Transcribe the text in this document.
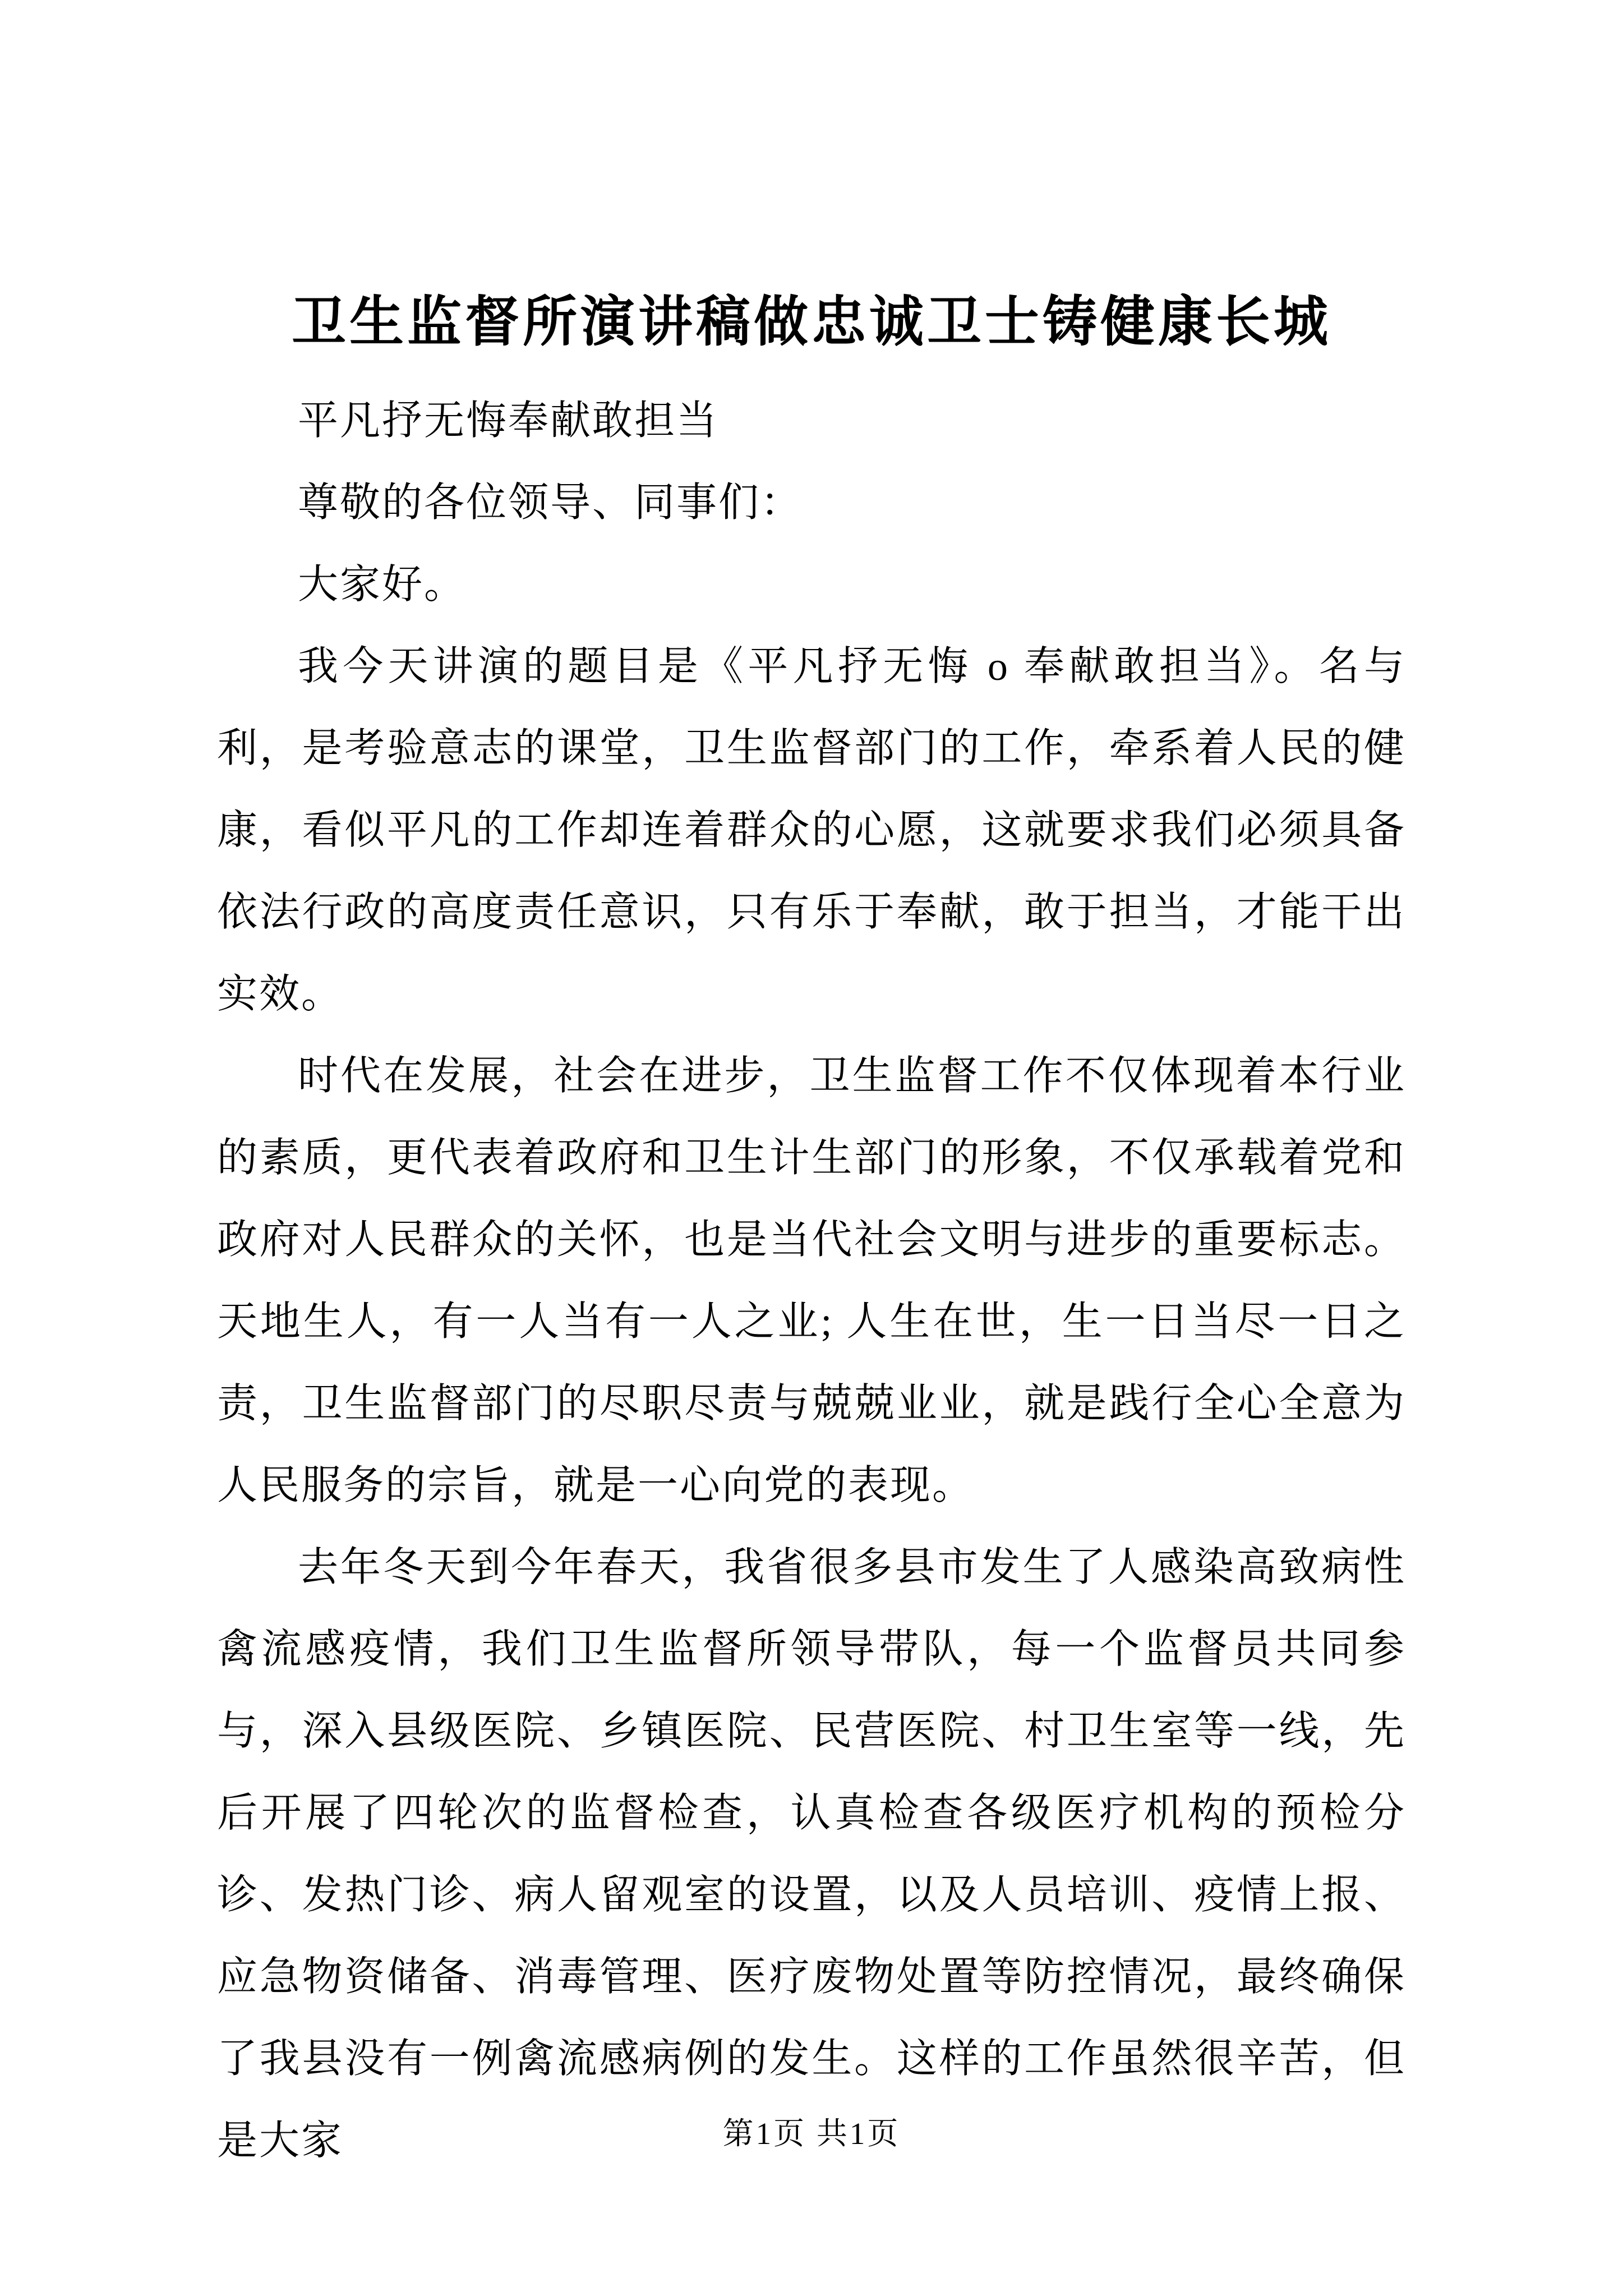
卫生监督所演讲稿做忠诚卫士铸健康长城

平凡抒无悔奉献敢担当

尊敬的各位领导、同事们：

大家好。

我今天讲演的题目是《平凡抒无悔 o 奉献敢担当》。名与利，是考验意志的课堂，卫生监督部门的工作，牵系着人民的健康，看似平凡的工作却连着群众的心愿，这就要求我们必须具备依法行政的高度责任意识，只有乐于奉献，敢于担当，才能干出实效。

时代在发展，社会在进步，卫生监督工作不仅体现着本行业的素质，更代表着政府和卫生计生部门的形象，不仅承载着党和政府对人民群众的关怀，也是当代社会文明与进步的重要标志。天地生人，有一人当有一人之业; 人生在世，生一日当尽一日之责，卫生监督部门的尽职尽责与兢兢业业，就是践行全心全意为人民服务的宗旨，就是一心向党的表现。

去年冬天到今年春天，我省很多县市发生了人感染高致病性禽流感疫情，我们卫生监督所领导带队，每一个监督员共同参与，深入县级医院、乡镇医院、民营医院、村卫生室等一线，先后开展了四轮次的监督检查，认真检查各级医疗机构的预检分诊、发热门诊、病人留观室的设置，以及人员培训、疫情上报、应急物资储备、消毒管理、医疗废物处置等防控情况，最终确保了我县没有一例禽流感病例的发生。这样的工作虽然很辛苦，但是大家	第1页 共1页
